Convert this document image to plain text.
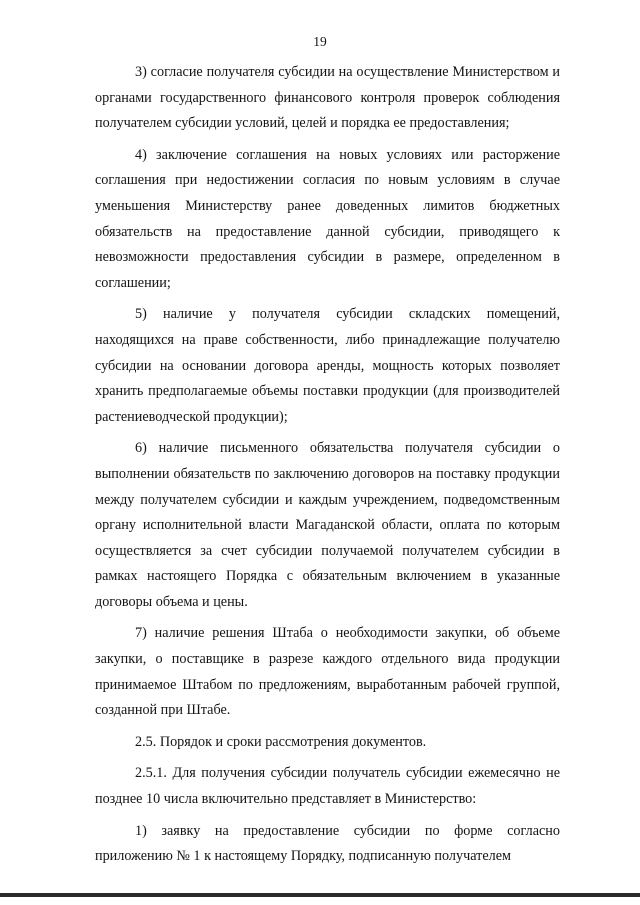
19

3) согласие получателя субсидии на осуществление Министерством и органами государственного финансового контроля проверок соблюдения получателем субсидии условий, целей и порядка ее предоставления;

4) заключение соглашения на новых условиях или расторжение соглашения при недостижении согласия по новым условиям в случае уменьшения Министерству ранее доведенных лимитов бюджетных обязательств на предоставление данной субсидии, приводящего к невозможности предоставления субсидии в размере, определенном в соглашении;

5) наличие у получателя субсидии складских помещений, находящихся на праве собственности, либо принадлежащие получателю субсидии на основании договора аренды, мощность которых позволяет хранить предполагаемые объемы поставки продукции (для производителей растениеводческой продукции);

6) наличие письменного обязательства получателя субсидии о выполнении обязательств по заключению договоров на поставку продукции между получателем субсидии и каждым учреждением, подведомственным органу исполнительной власти Магаданской области, оплата по которым осуществляется за счет субсидии получаемой получателем субсидии в рамках настоящего Порядка с обязательным включением в указанные договоры объема и цены.

7) наличие решения Штаба о необходимости закупки, об объеме закупки, о поставщике в разрезе каждого отдельного вида продукции принимаемое Штабом по предложениям, выработанным рабочей группой, созданной при Штабе.

2.5. Порядок и сроки рассмотрения документов.

2.5.1. Для получения субсидии получатель субсидии ежемесячно не позднее 10 числа включительно представляет в Министерство:

1) заявку на предоставление субсидии по форме согласно приложению № 1 к настоящему Порядку, подписанную получателем
